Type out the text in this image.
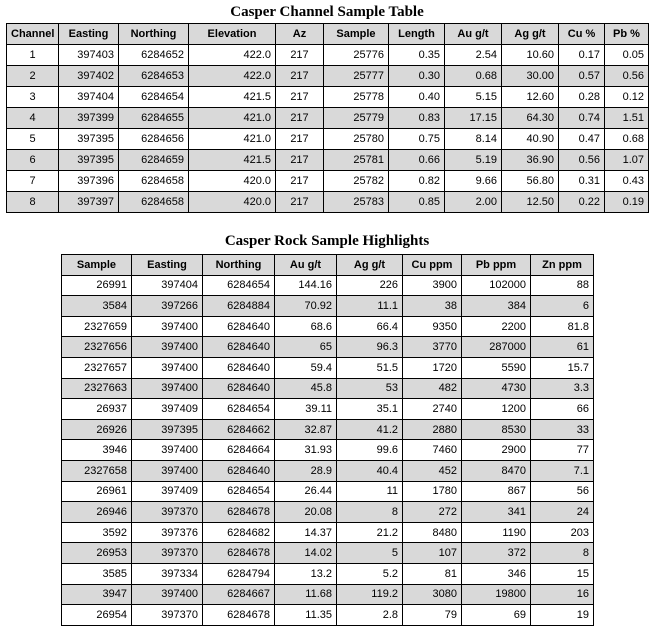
Casper Channel Sample Table
Channel	Easting	Northing	Elevation	Az	Sample	Length	Au g/t	Ag g/t	Cu %	Pb %
1	397403	6284652	422.0	217	25776	0.35	2.54	10.60	0.17	0.05
2	397402	6284653	422.0	217	25777	0.30	0.68	30.00	0.57	0.56
3	397404	6284654	421.5	217	25778	0.40	5.15	12.60	0.28	0.12
4	397399	6284655	421.0	217	25779	0.83	17.15	64.30	0.74	1.51
5	397395	6284656	421.0	217	25780	0.75	8.14	40.90	0.47	0.68
6	397395	6284659	421.5	217	25781	0.66	5.19	36.90	0.56	1.07
7	397396	6284658	420.0	217	25782	0.82	9.66	56.80	0.31	0.43
8	397397	6284658	420.0	217	25783	0.85	2.00	12.50	0.22	0.19
Casper Rock Sample Highlights
Sample	Easting	Northing	Au g/t	Ag g/t	Cu ppm	Pb ppm	Zn ppm
26991	397404	6284654	144.16	226	3900	102000	88
3584	397266	6284884	70.92	11.1	38	384	6
2327659	397400	6284640	68.6	66.4	9350	2200	81.8
2327656	397400	6284640	65	96.3	3770	287000	61
2327657	397400	6284640	59.4	51.5	1720	5590	15.7
2327663	397400	6284640	45.8	53	482	4730	3.3
26937	397409	6284654	39.11	35.1	2740	1200	66
26926	397395	6284662	32.87	41.2	2880	8530	33
3946	397400	6284664	31.93	99.6	7460	2900	77
2327658	397400	6284640	28.9	40.4	452	8470	7.1
26961	397409	6284654	26.44	11	1780	867	56
26946	397370	6284678	20.08	8	272	341	24
3592	397376	6284682	14.37	21.2	8480	1190	203
26953	397370	6284678	14.02	5	107	372	8
3585	397334	6284794	13.2	5.2	81	346	15
3947	397400	6284667	11.68	119.2	3080	19800	16
26954	397370	6284678	11.35	2.8	79	69	19
